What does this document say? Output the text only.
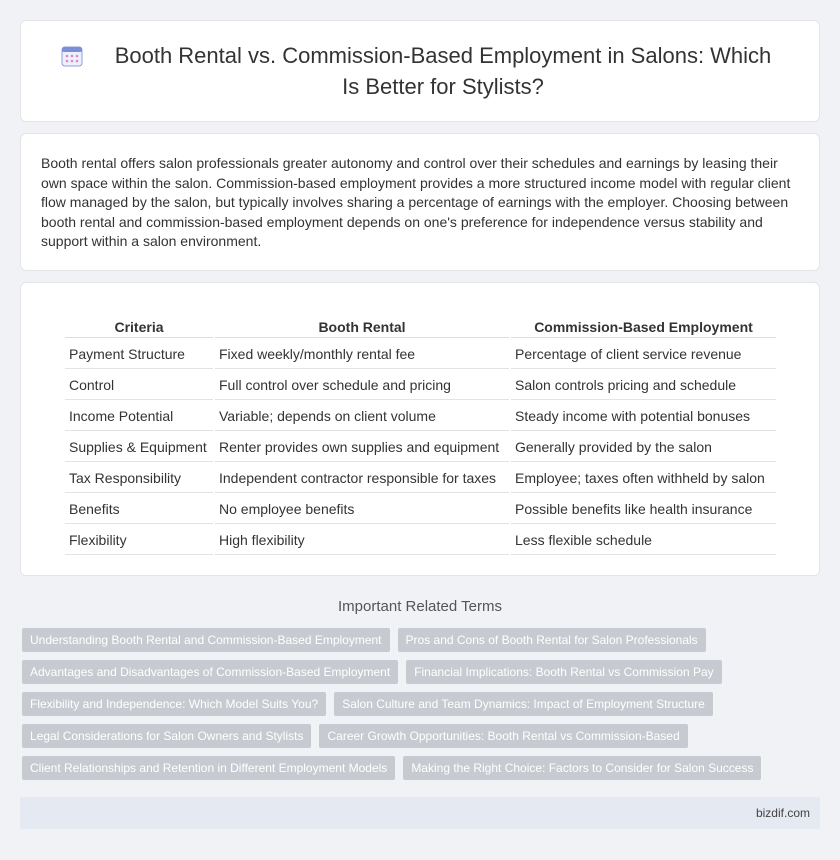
Booth Rental vs. Commission-Based Employment in Salons: Which Is Better for Stylists?

Booth rental offers salon professionals greater autonomy and control over their schedules and earnings by leasing their own space within the salon. Commission-based employment provides a more structured income model with regular client flow managed by the salon, but typically involves sharing a percentage of earnings with the employer. Choosing between booth rental and commission-based employment depends on one's preference for independence versus stability and support within a salon environment.

Criteria	Booth Rental	Commission-Based Employment
Payment Structure	Fixed weekly/monthly rental fee	Percentage of client service revenue
Control	Full control over schedule and pricing	Salon controls pricing and schedule
Income Potential	Variable; depends on client volume	Steady income with potential bonuses
Supplies & Equipment	Renter provides own supplies and equipment	Generally provided by the salon
Tax Responsibility	Independent contractor responsible for taxes	Employee; taxes often withheld by salon
Benefits	No employee benefits	Possible benefits like health insurance
Flexibility	High flexibility	Less flexible schedule
Important Related Terms
Understanding Booth Rental and Commission-Based Employment	Pros and Cons of Booth Rental for Salon Professionals
Advantages and Disadvantages of Commission-Based Employment	Financial Implications: Booth Rental vs Commission Pay
Flexibility and Independence: Which Model Suits You?	Salon Culture and Team Dynamics: Impact of Employment Structure
Legal Considerations for Salon Owners and Stylists	Career Growth Opportunities: Booth Rental vs Commission-Based
Client Relationships and Retention in Different Employment Models	Making the Right Choice: Factors to Consider for Salon Success
bizdif.com
